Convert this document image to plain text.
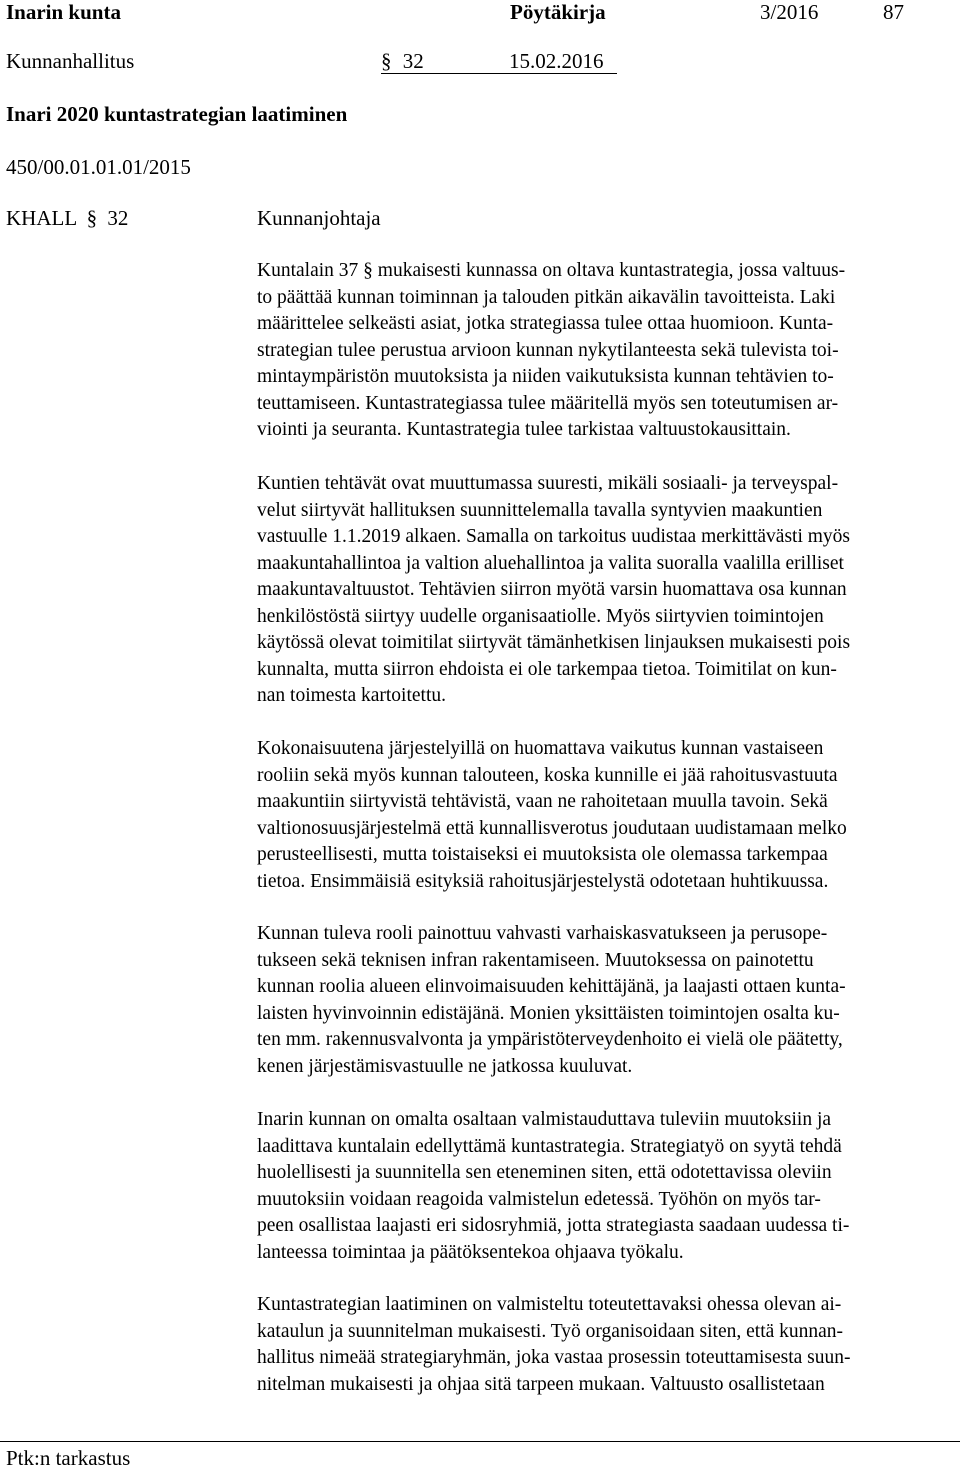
Inarin kunta	Pöytäkirja	3/2016	87
Kunnanhallitus	§ 32	15.02.2016
Inari 2020 kuntastrategian laatiminen
450/00.01.01.01/2015
KHALL § 32	Kunnanjohtaja
Kuntalain 37 § mukaisesti kunnassa on oltava kuntastrategia, jossa valtuus-
to päättää kunnan toiminnan ja talouden pitkän aikavälin tavoitteista. Laki
määrittelee selkeästi asiat, jotka strategiassa tulee ottaa huomioon. Kunta-
strategian tulee perustua arvioon kunnan nykytilanteesta sekä tulevista toi-
mintaympäristön muutoksista ja niiden vaikutuksista kunnan tehtävien to-
teuttamiseen. Kuntastrategiassa tulee määritellä myös sen toteutumisen ar-
viointi ja seuranta. Kuntastrategia tulee tarkistaa valtuustokausittain.
Kuntien tehtävät ovat muuttumassa suuresti, mikäli sosiaali- ja terveyspal-
velut siirtyvät hallituksen suunnittelemalla tavalla syntyvien maakuntien
vastuulle 1.1.2019 alkaen. Samalla on tarkoitus uudistaa merkittävästi myös
maakuntahallintoa ja valtion aluehallintoa ja valita suoralla vaalilla erilliset
maakuntavaltuustot. Tehtävien siirron myötä varsin huomattava osa kunnan
henkilöstöstä siirtyy uudelle organisaatiolle. Myös siirtyvien toimintojen
käytössä olevat toimitilat siirtyvät tämänhetkisen linjauksen mukaisesti pois
kunnalta, mutta siirron ehdoista ei ole tarkempaa tietoa. Toimitilat on kun-
nan toimesta kartoitettu.
Kokonaisuutena järjestelyillä on huomattava vaikutus kunnan vastaiseen
rooliin sekä myös kunnan talouteen, koska kunnille ei jää rahoitusvastuuta
maakuntiin siirtyvistä tehtävistä, vaan ne rahoitetaan muulla tavoin. Sekä
valtionosuusjärjestelmä että kunnallisverotus joudutaan uudistamaan melko
perusteellisesti, mutta toistaiseksi ei muutoksista ole olemassa tarkempaa
tietoa. Ensimmäisiä esityksiä rahoitusjärjestelystä odotetaan huhtikuussa.
Kunnan tuleva rooli painottuu vahvasti varhaiskasvatukseen ja perusope-
tukseen sekä teknisen infran rakentamiseen. Muutoksessa on painotettu
kunnan roolia alueen elinvoimaisuuden kehittäjänä, ja laajasti ottaen kunta-
laisten hyvinvoinnin edistäjänä. Monien yksittäisten toimintojen osalta ku-
ten mm. rakennusvalvonta ja ympäristöterveydenhoito ei vielä ole päätetty,
kenen järjestämisvastuulle ne jatkossa kuuluvat.
Inarin kunnan on omalta osaltaan valmistauduttava tuleviin muutoksiin ja
laadittava kuntalain edellyttämä kuntastrategia. Strategiatyö on syytä tehdä
huolellisesti ja suunnitella sen eteneminen siten, että odotettavissa oleviin
muutoksiin voidaan reagoida valmistelun edetessä. Työhön on myös tar-
peen osallistaa laajasti eri sidosryhmiä, jotta strategiasta saadaan uudessa ti-
lanteessa toimintaa ja päätöksentekoa ohjaava työkalu.
Kuntastrategian laatiminen on valmisteltu toteutettavaksi ohessa olevan ai-
kataulun ja suunnitelman mukaisesti. Työ organisoidaan siten, että kunnan-
hallitus nimeää strategiaryhmän, joka vastaa prosessin toteuttamisesta suun-
nitelman mukaisesti ja ohjaa sitä tarpeen mukaan. Valtuusto osallistetaan
Ptk:n tarkastus
